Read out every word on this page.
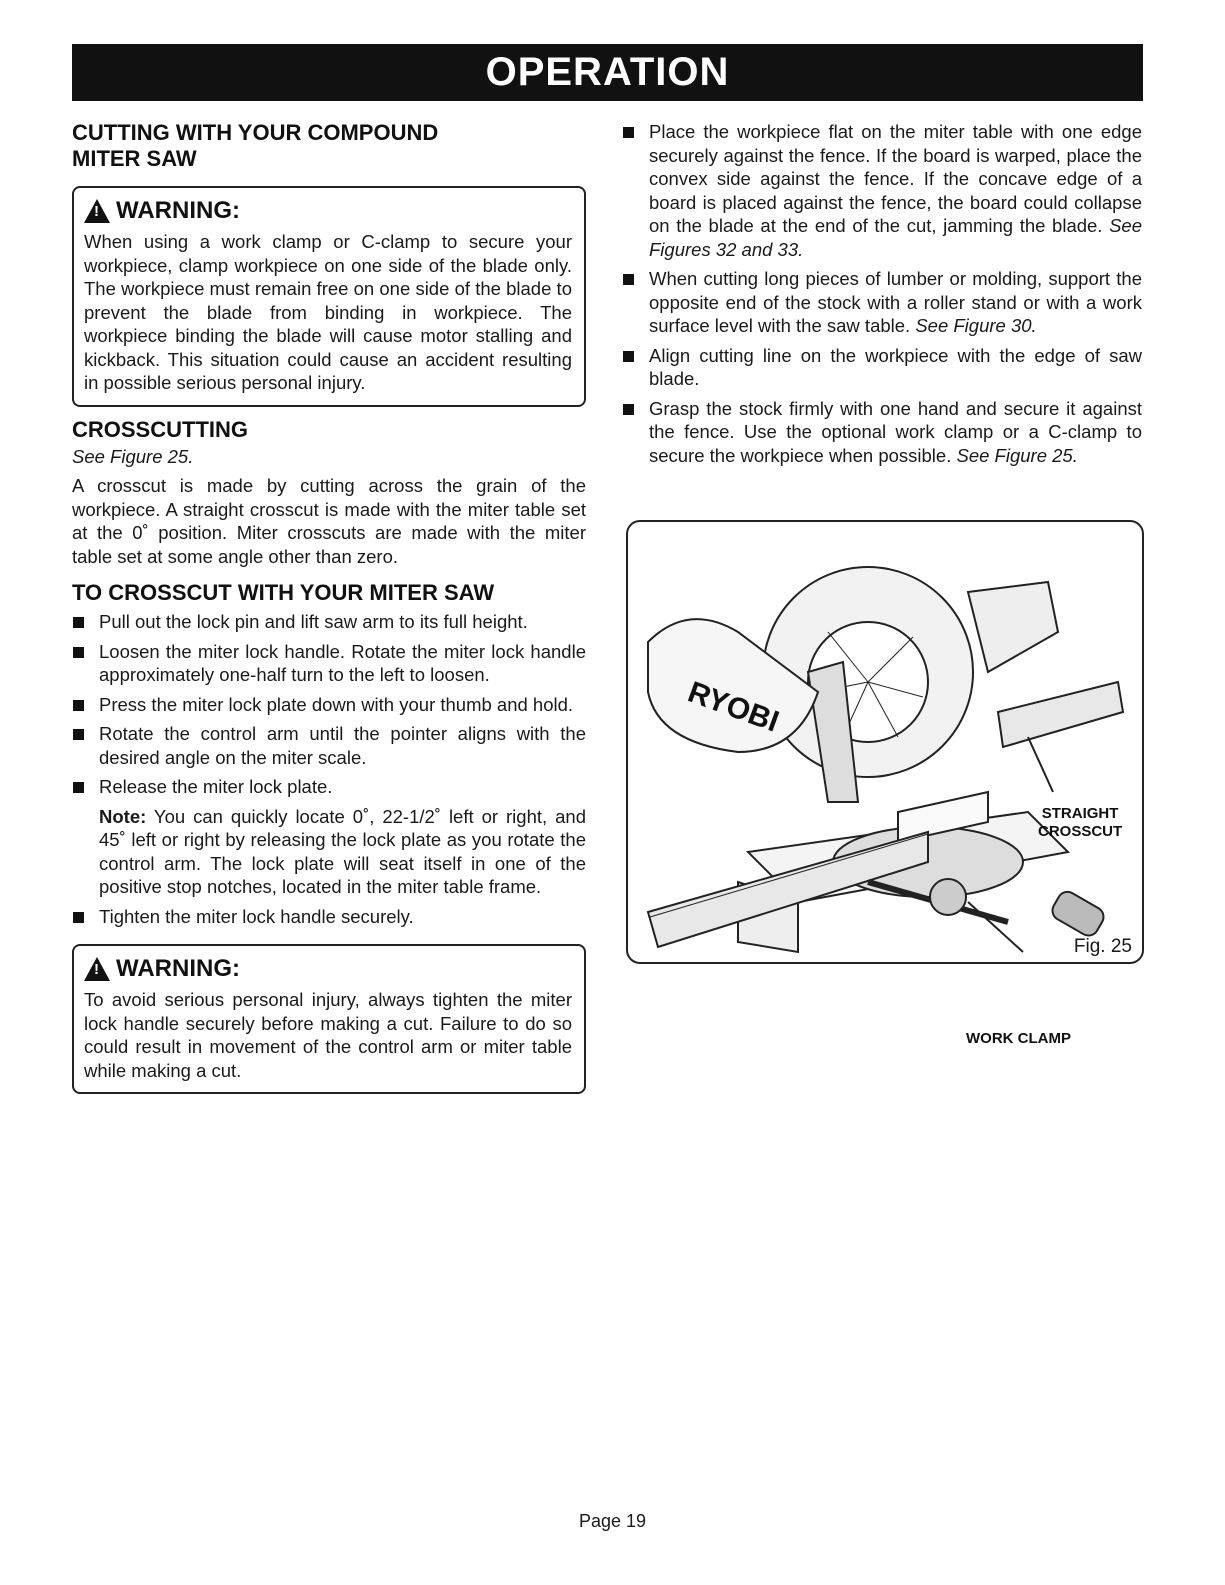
OPERATION
CUTTING WITH YOUR COMPOUND MITER SAW
!
WARNING:

When using a work clamp or C-clamp to secure your workpiece, clamp workpiece on one side of the blade only. The workpiece must remain free on one side of the blade to prevent the blade from binding in workpiece. The workpiece binding the blade will cause motor stalling and kickback. This situation could cause an accident resulting in possible serious personal injury.

CROSSCUTTING
See Figure 25.

A crosscut is made by cutting across the grain of the workpiece. A straight crosscut is made with the miter table set at the 0˚ position. Miter crosscuts are made with the miter table set at some angle other than zero.

TO CROSSCUT WITH YOUR MITER SAW
Pull out the lock pin and lift saw arm to its full height.
Loosen the miter lock handle. Rotate the miter lock handle approximately one-half turn to the left to loosen.
Press the miter lock plate down with your thumb and hold.
Rotate the control arm until the pointer aligns with the desired angle on the miter scale.
Release the miter lock plate.
Note: You can quickly locate 0˚, 22-1/2˚ left or right, and 45˚ left or right by releasing the lock plate as you rotate the control arm. The lock plate will seat itself in one of the positive stop notches, located in the miter table frame.
Tighten the miter lock handle securely.
!
WARNING:

To avoid serious personal injury, always tighten the miter lock handle securely before making a cut. Failure to do so could result in movement of the control arm or miter table while making a cut.

Place the workpiece flat on the miter table with one edge securely against the fence. If the board is warped, place the convex side against the fence. If the concave edge of a board is placed against the fence, the board could collapse on the blade at the end of the cut, jamming the blade. See Figures 32 and 33.
When cutting long pieces of lumber or molding, support the opposite end of the stock with a roller stand or with a work surface level with the saw table. See Figure 30.
Align cutting line on the workpiece with the edge of saw blade.
Grasp the stock firmly with one hand and secure it against the fence. Use the optional work clamp or a C-clamp to secure the workpiece when possible. See Figure 25.
RYOBI
STRAIGHT
CROSSCUT
WORK CLAMP
Fig. 25
Page 19
